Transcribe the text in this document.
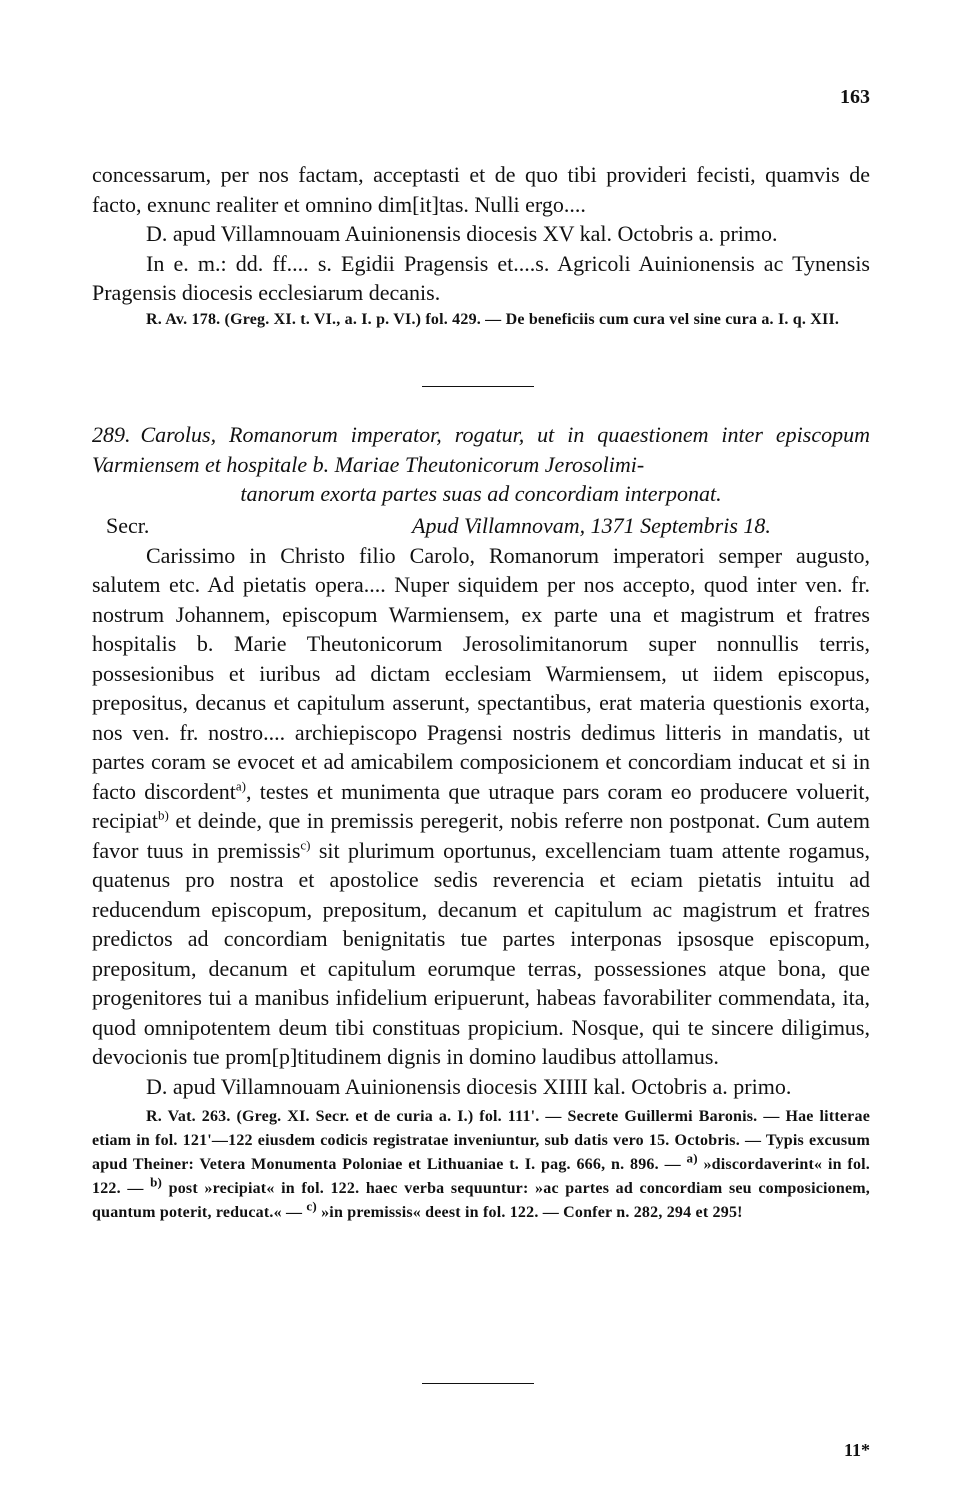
163

concessarum, per nos factam, acceptasti et de quo tibi provideri fecisti, quamvis de facto, exnunc realiter et omnino dim[it]tas. Nulli ergo....

D. apud Villamnouam Auinionensis diocesis XV kal. Octobris a. primo.

In e. m.: dd. ff.... s. Egidii Pragensis et....s. Agricoli Auinionensis ac Tynensis Pragensis diocesis ecclesiarum decanis.

R. Av. 178. (Greg. XI. t. VI., a. I. p. VI.) fol. 429. — De beneficiis cum cura vel sine cura a. I. q. XII.

289. Carolus, Romanorum imperator, rogatur, ut in quaestionem inter episcopum Varmiensem et hospitale b. Mariae Theutonicorum Jerosolimi-
tanorum exorta partes suas ad concordiam interponat.

Secr.	Apud Villamnovam, 1371 Septembris 18.

Carissimo in Christo filio Carolo, Romanorum imperatori semper augusto, salutem etc. Ad pietatis opera.... Nuper siquidem per nos accepto, quod inter ven. fr. nostrum Johannem, episcopum Warmiensem, ex parte una et magistrum et fratres hospitalis b. Marie Theutonicorum Jerosolimitanorum super nonnullis terris, possesionibus et iuribus ad dictam ecclesiam Warmiensem, ut iidem episcopus, prepositus, decanus et capitulum asserunt, spectantibus, erat materia questionis exorta, nos ven. fr. nostro.... archiepiscopo Pragensi nostris dedimus litteris in mandatis, ut partes coram se evocet et ad amicabilem composicionem et concordiam inducat et si in facto discordent$^{a)}$, testes et munimenta que utraque pars coram eo producere voluerit, recipiat$^{b)}$ et deinde, que in premissis peregerit, nobis referre non postponat. Cum autem favor tuus in premissis$^{c)}$ sit plurimum oportunus, excellenciam tuam attente rogamus, quatenus pro nostra et apostolice sedis reverencia et eciam pietatis intuitu ad reducendum episcopum, prepositum, decanum et capitulum ac magistrum et fratres predictos ad concordiam benignitatis tue partes interponas ipsosque episcopum, prepositum, decanum et capitulum eorumque terras, possessiones atque bona, que progenitores tui a manibus infidelium eripuerunt, habeas favorabiliter commendata, ita, quod omnipotentem deum tibi constituas propicium. Nosque, qui te sincere diligimus, devocionis tue prom[p]titudinem dignis in domino laudibus attollamus.

D. apud Villamnouam Auinionensis diocesis XIIII kal. Octobris a. primo.

R. Vat. 263. (Greg. XI. Secr. et de curia a. I.) fol. 111'. — Secrete Guillermi Baronis. — Hae litterae etiam in fol. 121'—122 eiusdem codicis registratae inveniuntur, sub datis vero 15. Octobris. — Typis excusum apud Theiner: Vetera Monumenta Poloniae et Lithuaniae t. I. pag. 666, n. 896. — $^{a)}$ »discordaverint« in fol. 122. — $^{b)}$ post »recipiat« in fol. 122. haec verba sequuntur: »ac partes ad concordiam seu composicionem, quantum poterit, reducat.« — $^{c)}$ »in premissis« deest in fol. 122. — Confer n. 282, 294 et 295!

11*
